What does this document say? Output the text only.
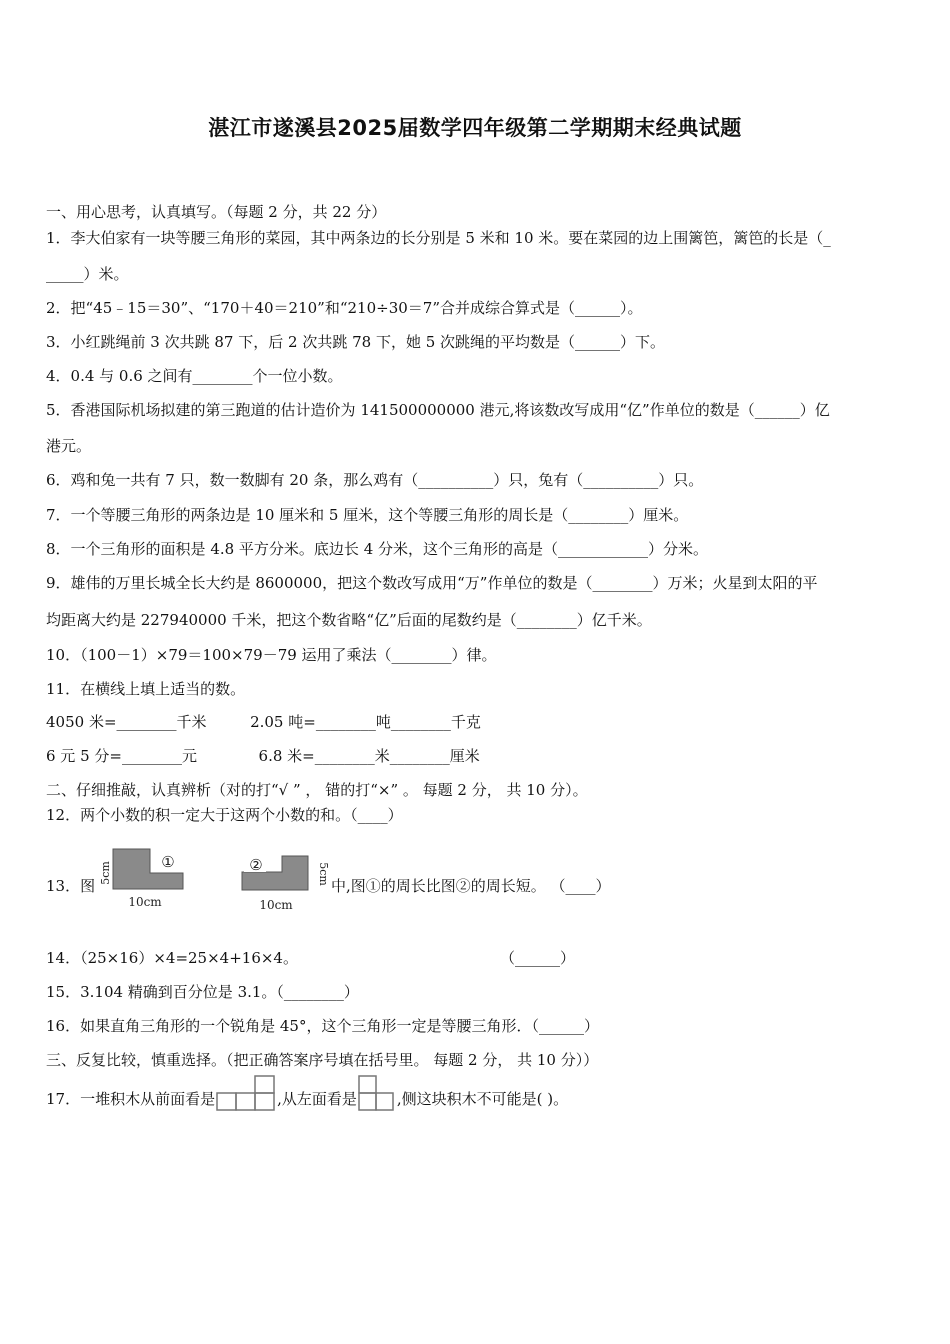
湛江市遂溪县2025届数学四年级第二学期期末经典试题
一、用心思考，认真填写。（每题 2 分，共 22 分）
1．李大伯家有一块等腰三角形的菜园，其中两条边的长分别是 5 米和 10 米。要在菜园的边上围篱笆，篱笆的长是（_
_____）米。
2．把“45﹣15＝30”、“170＋40＝210”和“210÷30＝7”合并成综合算式是（______）。
3．小红跳绳前 3 次共跳 87 下，后 2 次共跳 78 下，她 5 次跳绳的平均数是（______）下。
4．0.4 与 0.6 之间有________个一位小数。
5．香港国际机场拟建的第三跑道的估计造价为 141500000000 港元,将该数改写成用“亿”作单位的数是（______）亿
港元。
6．鸡和兔一共有 7 只，数一数脚有 20 条，那么鸡有（__________）只，兔有（__________）只。
7．一个等腰三角形的两条边是 10 厘米和 5 厘米，这个等腰三角形的周长是（________）厘米。
8．一个三角形的面积是 4.8 平方分米。底边长 4 分米，这个三角形的高是（____________）分米。
9．雄伟的万里长城全长大约是 8600000，把这个数改写成用“万”作单位的数是（________）万米；火星到太阳的平
均距离大约是 227940000 千米，把这个数省略“亿”后面的尾数约是（________）亿千米。
10．（100－1）×79＝100×79－79 运用了乘法（________）律。
11．在横线上填上适当的数。
4050 米=________千米	2.05 吨=________吨________千克
6 元 5 分=________元	6.8 米=________米________厘米
二、仔细推敲，认真辨析（对的打“√ ” ， 错的打“×” 。 每题 2 分， 共 10 分）。
12．两个小数的积一定大于这两个小数的和。（____）
13．图
5cm	①
10cm
②	5cm
10cm
中,图①的周长比图②的周长短。 （____）
14．（25×16）×4=25×4+16×4。	（______）
15．3.104 精确到百分位是 3.1。（________）
16．如果直角三角形的一个锐角是 45°，这个三角形一定是等腰三角形．（______）
三、反复比较，慎重选择。（把正确答案序号填在括号里。 每题 2 分， 共 10 分））
17．一堆积木从前面看是	,从左面看是	,侧这块积木不可能是( )。
